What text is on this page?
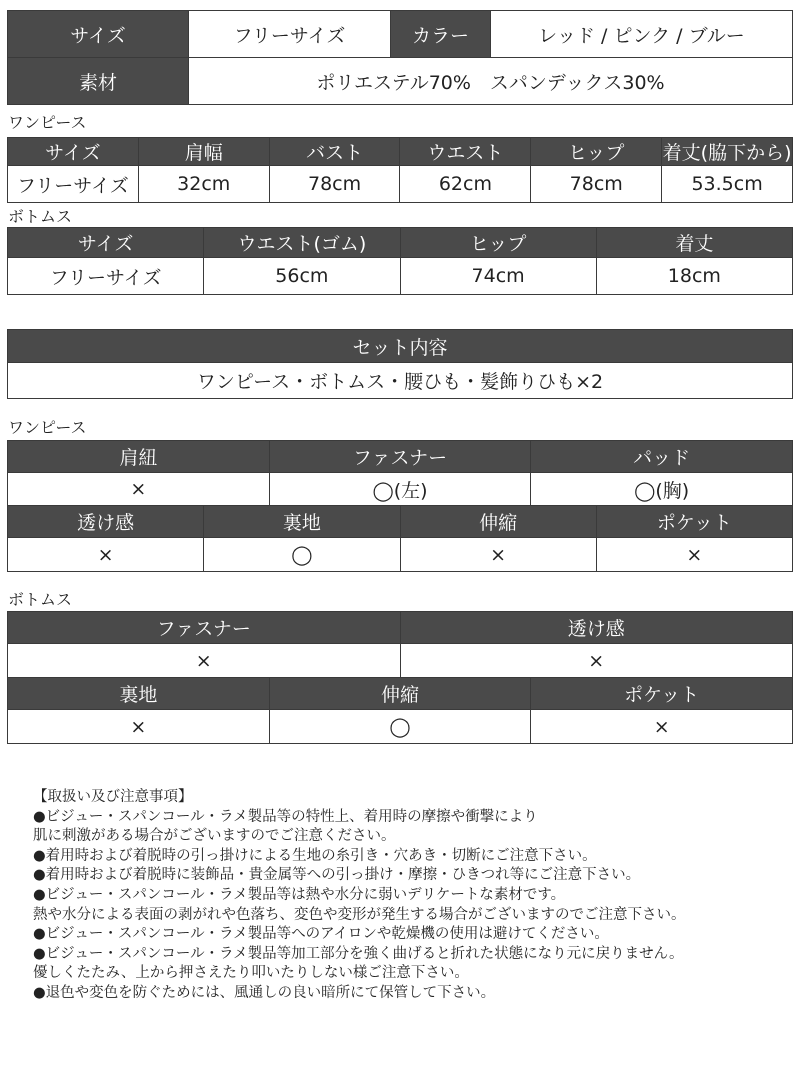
サイズ	フリーサイズ	カラー	レッド / ピンク / ブルー
素材	ポリエステル70%　スパンデックス30%		
ワンピース
サイズ	肩幅	バスト	ウエスト	ヒップ	着丈(脇下から)
フリーサイズ	32cm	78cm	62cm	78cm	53.5cm
ボトムス
サイズ	ウエスト(ゴム)	ヒップ	着丈
フリーサイズ	56cm	74cm	18cm
セット内容
ワンピース・ボトムス・腰ひも・髪飾りひも×2
ワンピース
肩紐	ファスナー	パッド
×	◯(左)	◯(胸)
透け感	裏地	伸縮	ポケット
×	◯	×	×
ボトムス
ファスナー	透け感
×	×
裏地	伸縮	ポケット
×	◯	×
【取扱い及び注意事項】
●ビジュー・スパンコール・ラメ製品等の特性上、着用時の摩擦や衝撃により
肌に刺激がある場合がございますのでご注意ください。
●着用時および着脱時の引っ掛けによる生地の糸引き・穴あき・切断にご注意下さい。
●着用時および着脱時に装飾品・貴金属等への引っ掛け・摩擦・ひきつれ等にご注意下さい。
●ビジュー・スパンコール・ラメ製品等は熱や水分に弱いデリケートな素材です。
熱や水分による表面の剥がれや色落ち、変色や変形が発生する場合がございますのでご注意下さい。
●ビジュー・スパンコール・ラメ製品等へのアイロンや乾燥機の使用は避けてください。
●ビジュー・スパンコール・ラメ製品等加工部分を強く曲げると折れた状態になり元に戻りません。
優しくたたみ、上から押さえたり叩いたりしない様ご注意下さい。
●退色や変色を防ぐためには、風通しの良い暗所にて保管して下さい。
